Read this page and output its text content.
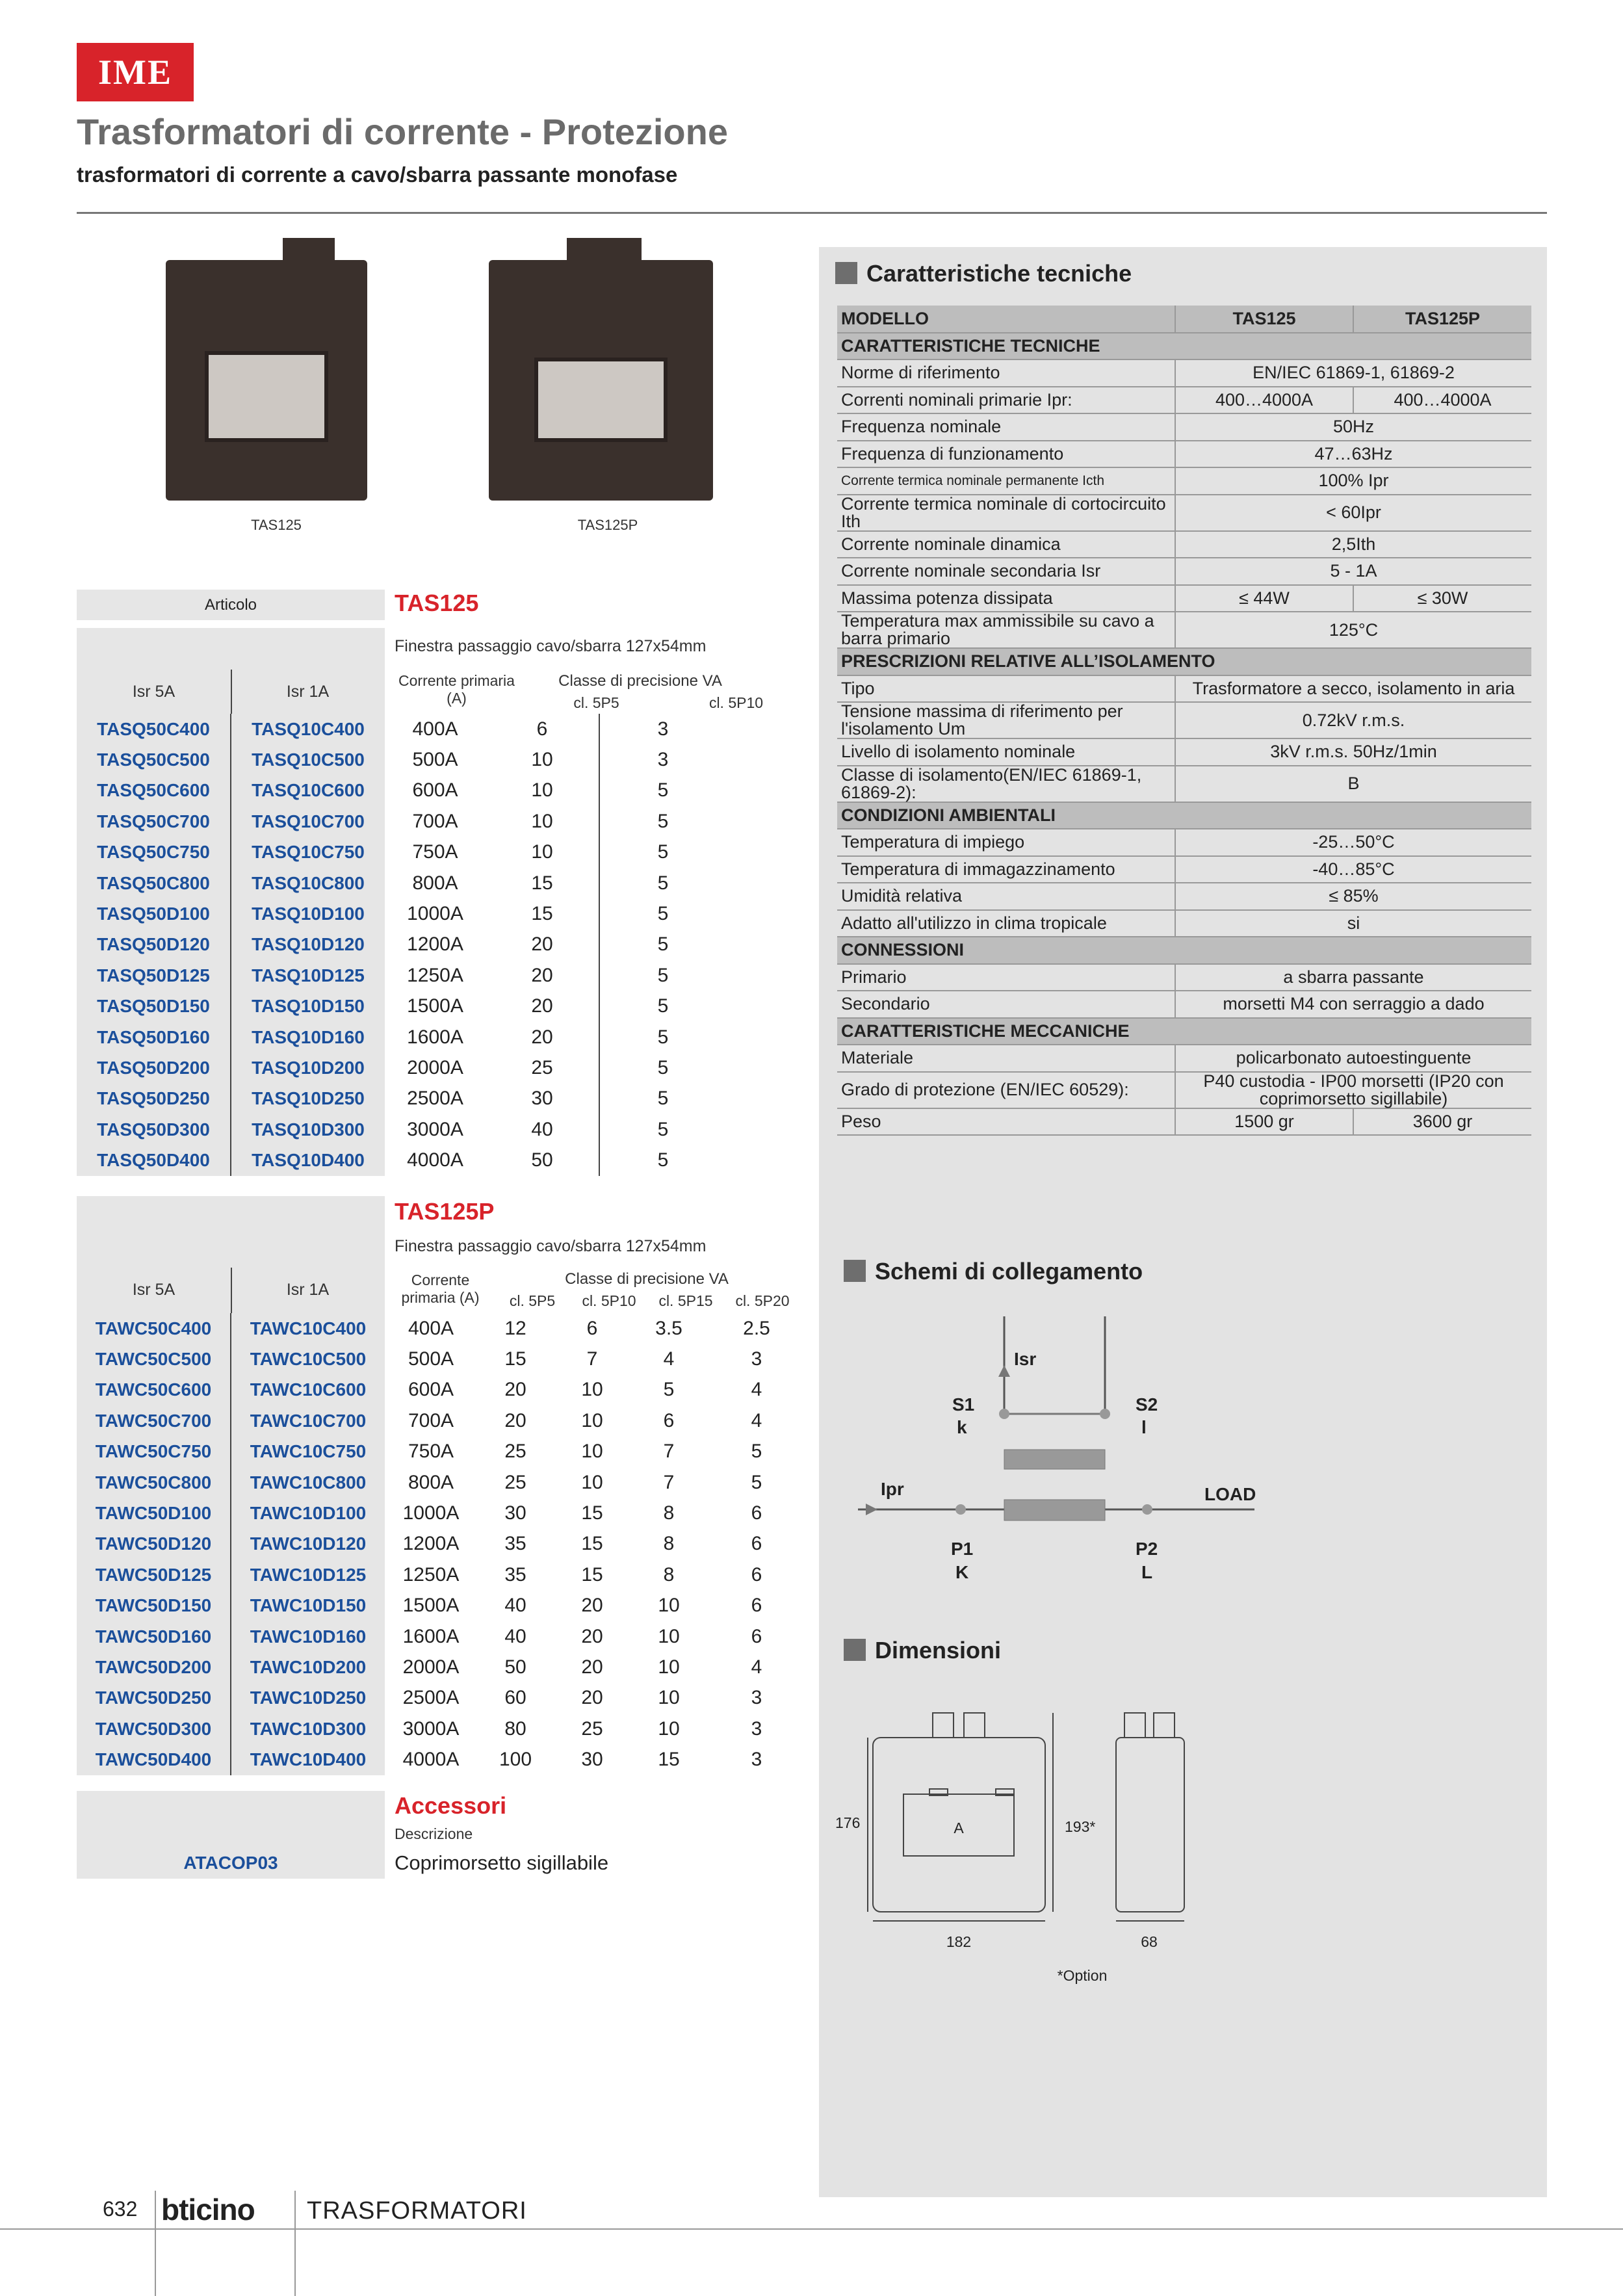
IME
Trasformatori di corrente - Protezione
trasformatori di corrente a cavo/sbarra passante monofase
TAS125	TAS125P
Articolo	TAS125
Finestra passaggio cavo/sbarra 127x54mm
Isr 5A	Isr 1A
Corrente primaria (A)
Classe di precisione VA
cl. 5P5	cl. 5P10
TASQ50C400	TASQ10C400	400A	6	3
TASQ50C500	TASQ10C500	500A	10	3
TASQ50C600	TASQ10C600	600A	10	5
TASQ50C700	TASQ10C700	700A	10	5
TASQ50C750	TASQ10C750	750A	10	5
TASQ50C800	TASQ10C800	800A	15	5
TASQ50D100	TASQ10D100	1000A	15	5
TASQ50D120	TASQ10D120	1200A	20	5
TASQ50D125	TASQ10D125	1250A	20	5
TASQ50D150	TASQ10D150	1500A	20	5
TASQ50D160	TASQ10D160	1600A	20	5
TASQ50D200	TASQ10D200	2000A	25	5
TASQ50D250	TASQ10D250	2500A	30	5
TASQ50D300	TASQ10D300	3000A	40	5
TASQ50D400	TASQ10D400	4000A	50	5
TAS125P
Finestra passaggio cavo/sbarra 127x54mm
Isr 5A	Isr 1A
Corrente primaria (A)
Classe di precisione VA
cl. 5P5	cl. 5P10	cl. 5P15	cl. 5P20
TAWC50C400	TAWC10C400	400A	12	6	3.5	2.5
TAWC50C500	TAWC10C500	500A	15	7	4	3
TAWC50C600	TAWC10C600	600A	20	10	5	4
TAWC50C700	TAWC10C700	700A	20	10	6	4
TAWC50C750	TAWC10C750	750A	25	10	7	5
TAWC50C800	TAWC10C800	800A	25	10	7	5
TAWC50D100	TAWC10D100	1000A	30	15	8	6
TAWC50D120	TAWC10D120	1200A	35	15	8	6
TAWC50D125	TAWC10D125	1250A	35	15	8	6
TAWC50D150	TAWC10D150	1500A	40	20	10	6
TAWC50D160	TAWC10D160	1600A	40	20	10	6
TAWC50D200	TAWC10D200	2000A	50	20	10	4
TAWC50D250	TAWC10D250	2500A	60	20	10	3
TAWC50D300	TAWC10D300	3000A	80	25	10	3
TAWC50D400	TAWC10D400	4000A	100	30	15	3
Accessori
Descrizione
ATACOP03	Coprimorsetto sigillabile
Caratteristiche tecniche
MODELLO	TAS125	TAS125P
CARATTERISTICHE TECNICHE		
Norme di riferimento	EN/IEC 61869-1, 61869-2	
Correnti nominali primarie Ipr:	400…4000A	400…4000A
Frequenza nominale	50Hz	
Frequenza di funzionamento	47…63Hz	
Corrente termica nominale permanente Icth	100% Ipr	
Corrente termica nominale di cortocircuito Ith	< 60Ipr	
Corrente nominale dinamica	2,5Ith	
Corrente nominale secondaria Isr	5 - 1A	
Massima potenza dissipata	≤ 44W	≤ 30W
Temperatura max ammissibile su cavo a barra primario	125°C	
PRESCRIZIONI RELATIVE ALL’ISOLAMENTO		
Tipo	Trasformatore a secco, isolamento in aria	
Tensione massima di riferimento per l'isolamento Um	0.72kV r.m.s.	
Livello di isolamento nominale	3kV r.m.s. 50Hz/1min	
Classe di isolamento(EN/IEC 61869-1, 61869-2):	B	
CONDIZIONI AMBIENTALI		
Temperatura di impiego	-25…50°C	
Temperatura di immagazzinamento	-40…85°C	
Umidità relativa	≤ 85%	
Adatto all'utilizzo in clima tropicale	si	
CONNESSIONI		
Primario	a sbarra passante	
Secondario	morsetti M4 con serraggio a dado	
CARATTERISTICHE MECCANICHE		
Materiale	policarbonato autoestinguente	
Grado di protezione (EN/IEC 60529):	P40 custodia - IP00 morsetti (IP20 con coprimorsetto sigillabile)	
Peso	1500 gr	3600 gr
Schemi di collegamento
Isr
S1
k
S2
l
Ipr	LOAD
P1
K
P2
L
Dimensioni
176	193*
A
182	68
*Option
632 bticino TRASFORMATORI
